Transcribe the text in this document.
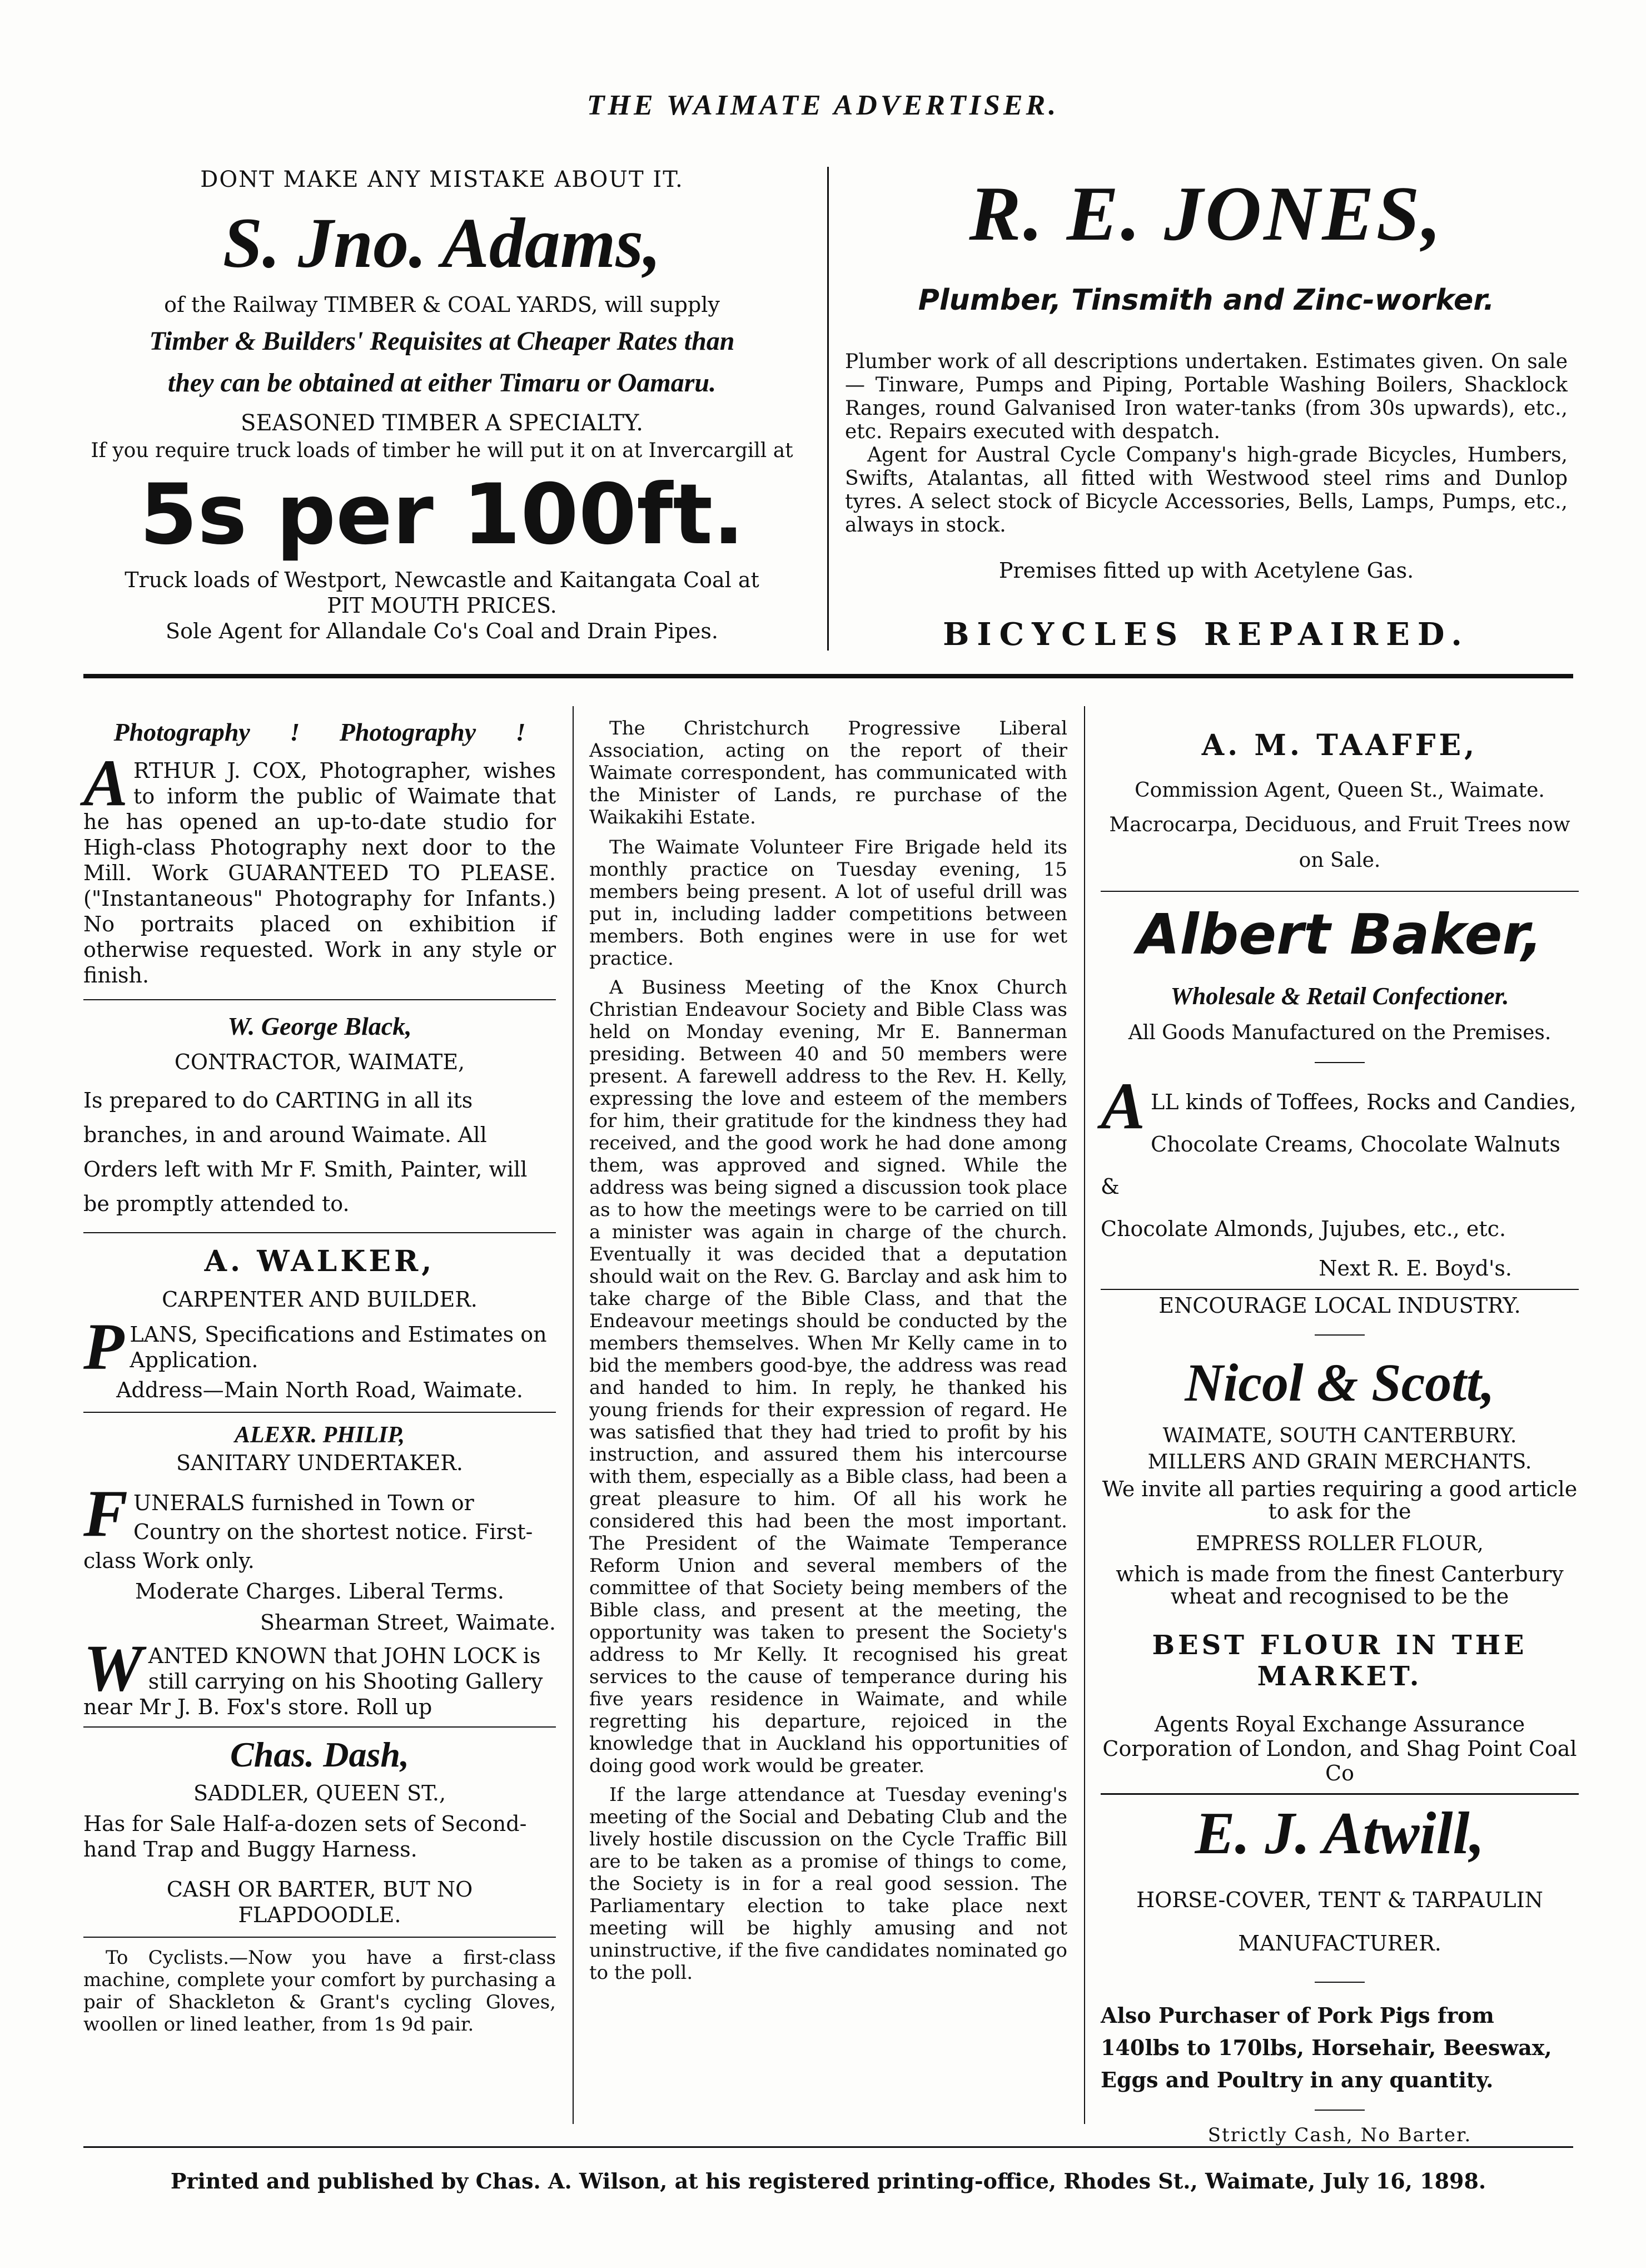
THE WAIMATE ADVERTISER.
DONT MAKE ANY MISTAKE ABOUT IT.
S. Jno. Adams,
of the Railway TIMBER & COAL YARDS, will supply
Timber & Builders' Requisites at Cheaper Rates than
they can be obtained at either Timaru or Oamaru.
SEASONED TIMBER A SPECIALTY.
If you require truck loads of timber he will put it on at Invercargill at
5s per 100ft.
Truck loads of Westport, Newcastle and Kaitangata Coal at
PIT MOUTH PRICES.
Sole Agent for Allandale Co's Coal and Drain Pipes.
R. E. JONES,
Plumber, Tinsmith and Zinc-worker.
Plumber work of all descriptions undertaken. Estimates given. On sale— Tinware, Pumps and Piping, Portable Washing Boilers, Shacklock Ranges, round Galvanised Iron water-tanks (from 30s upwards), etc., etc. Repairs executed with despatch.
Agent for Austral Cycle Company's high-grade Bicycles, Humbers, Swifts, Atalantas, all fitted with Westwood steel rims and Dunlop tyres. A select stock of Bicycle Accessories, Bells, Lamps, Pumps, etc., always in stock.
Premises fitted up with Acetylene Gas.
BICYCLES REPAIRED.
Photography ! Photography !
ARTHUR J. COX, Photographer, wishes to inform the public of Waimate that he has opened an up-to-date studio for High-class Photography next door to the Mill. Work GUARANTEED TO PLEASE. ("Instantaneous" Photography for Infants.) No portraits placed on exhibition if otherwise requested. Work in any style or finish.
W. George Black,
CONTRACTOR, WAIMATE,
Is prepared to do CARTING in all its branches, in and around Waimate. All Orders left with Mr F. Smith, Painter, will be promptly attended to.
A. WALKER,
CARPENTER AND BUILDER.
PLANS, Specifications and Estimates on Application.
Address—Main North Road, Waimate.
ALEXR. PHILIP,
SANITARY UNDERTAKER.
FUNERALS furnished in Town or Country on the shortest notice. First-class Work only.
Moderate Charges. Liberal Terms.
Shearman Street, Waimate.
WANTED KNOWN that JOHN LOCK is still carrying on his Shooting Gallery near Mr J. B. Fox's store. Roll up
Chas. Dash,
SADDLER, QUEEN ST.,
Has for Sale Half-a-dozen sets of Second-hand Trap and Buggy Harness.
CASH OR BARTER, BUT NO FLAPDOODLE.
To Cyclists.—Now you have a first-class machine, complete your comfort by purchasing a pair of Shackleton & Grant's cycling Gloves, woollen or lined leather, from 1s 9d pair.

The Christchurch Progressive Liberal Association, acting on the report of their Waimate correspondent, has communicated with the Minister of Lands, re purchase of the Waikakihi Estate.

The Waimate Volunteer Fire Brigade held its monthly practice on Tuesday evening, 15 members being present. A lot of useful drill was put in, including ladder competitions between members. Both engines were in use for wet practice.

A Business Meeting of the Knox Church Christian Endeavour Society and Bible Class was held on Monday evening, Mr E. Bannerman presiding. Between 40 and 50 members were present. A farewell address to the Rev. H. Kelly, expressing the love and esteem of the members for him, their gratitude for the kindness they had received, and the good work he had done among them, was approved and signed. While the address was being signed a discussion took place as to how the meetings were to be carried on till a minister was again in charge of the church. Eventually it was decided that a deputation should wait on the Rev. G. Barclay and ask him to take charge of the Bible Class, and that the Endeavour meetings should be conducted by the members themselves. When Mr Kelly came in to bid the members good-bye, the address was read and handed to him. In reply, he thanked his young friends for their expression of regard. He was satisfied that they had tried to profit by his instruction, and assured them his intercourse with them, especially as a Bible class, had been a great pleasure to him. Of all his work he considered this had been the most important. The President of the Waimate Temperance Reform Union and several members of the committee of that Society being members of the Bible class, and present at the meeting, the opportunity was taken to present the Society's address to Mr Kelly. It recognised his great services to the cause of temperance during his five years residence in Waimate, and while regretting his departure, rejoiced in the knowledge that in Auckland his opportunities of doing good work would be greater.

If the large attendance at Tuesday evening's meeting of the Social and Debating Club and the lively hostile discussion on the Cycle Traffic Bill are to be taken as a promise of things to come, the Society is in for a real good session. The Parliamentary election to take place next meeting will be highly amusing and not uninstructive, if the five candidates nominated go to the poll.

A. M. TAAFFE,
Commission Agent, Queen St., Waimate.
Macrocarpa, Deciduous, and Fruit Trees now on Sale.
Albert Baker,
Wholesale & Retail Confectioner.
All Goods Manufactured on the Premises.
A LL kinds of Toffees, Rocks and Candies,
Chocolate Creams, Chocolate Walnuts &
Chocolate Almonds, Jujubes, etc., etc.
Next R. E. Boyd's.
ENCOURAGE LOCAL INDUSTRY.
Nicol & Scott,
WAIMATE, SOUTH CANTERBURY.
MILLERS AND GRAIN MERCHANTS.
We invite all parties requiring a good article to ask for the
EMPRESS ROLLER FLOUR,
which is made from the finest Canterbury wheat and recognised to be the
BEST FLOUR IN THE MARKET.
Agents Royal Exchange Assurance Corporation of London, and Shag Point Coal Co
E. J. Atwill,
HORSE-COVER, TENT & TARPAULIN MANUFACTURER.
Also Purchaser of Pork Pigs from 140lbs to 170lbs, Horsehair, Beeswax, Eggs and Poultry in any quantity.
Strictly Cash, No Barter.
Printed and published by Chas. A. Wilson, at his registered printing-office, Rhodes St., Waimate, July 16, 1898.
